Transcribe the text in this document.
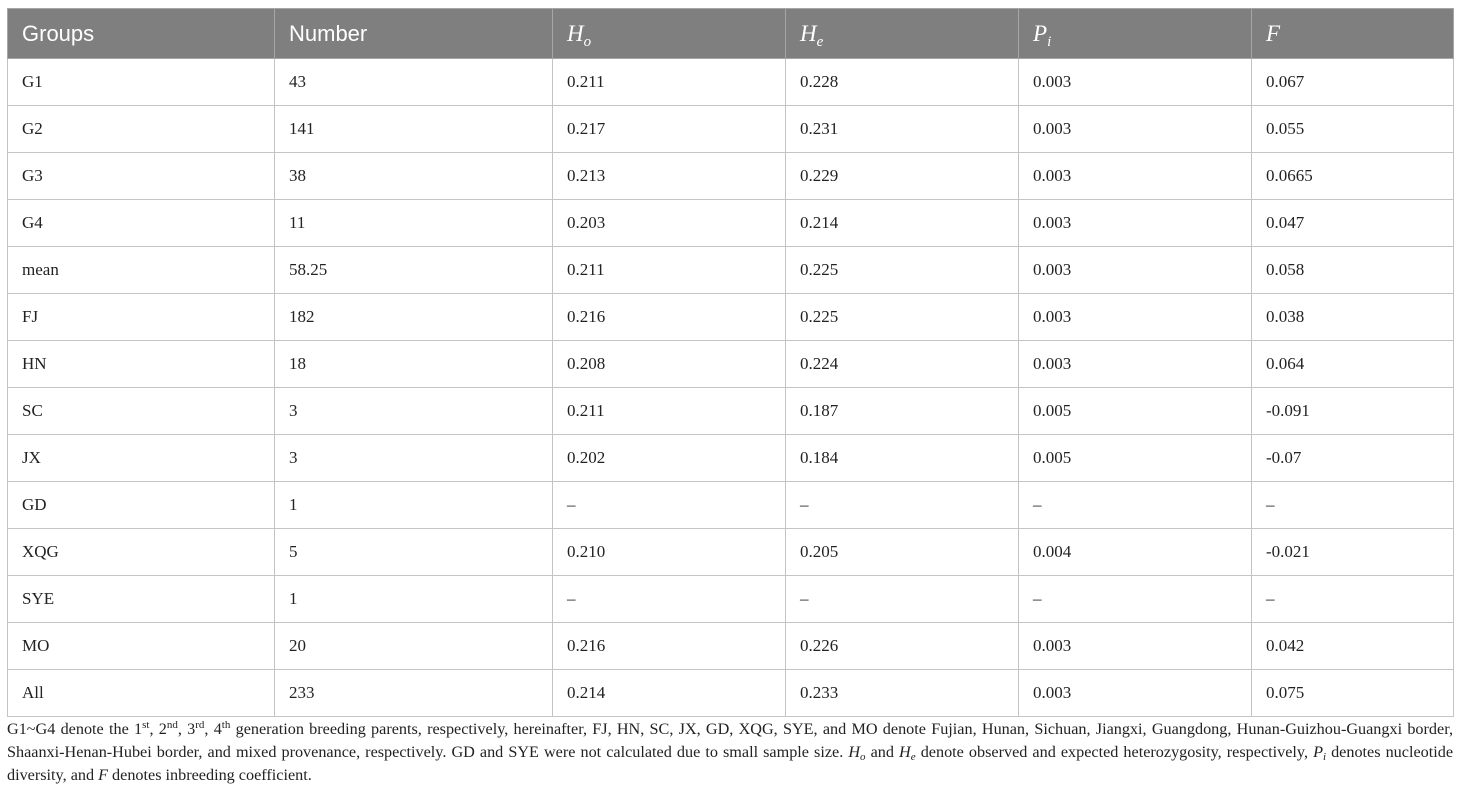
Groups	Number	$H_o$	$H_e$	$P_i$	F
G1	43	0.211	0.228	0.003	0.067
G2	141	0.217	0.231	0.003	0.055
G3	38	0.213	0.229	0.003	0.0665
G4	11	0.203	0.214	0.003	0.047
mean	58.25	0.211	0.225	0.003	0.058
FJ	182	0.216	0.225	0.003	0.038
HN	18	0.208	0.224	0.003	0.064
SC	3	0.211	0.187	0.005	-0.091
JX	3	0.202	0.184	0.005	-0.07
GD	1	–	–	–	–
XQG	5	0.210	0.205	0.004	-0.021
SYE	1	–	–	–	–
MO	20	0.216	0.226	0.003	0.042
All	233	0.214	0.233	0.003	0.075
G1~G4 denote the 1st, 2nd, 3rd, 4th generation breeding parents, respectively, hereinafter, FJ, HN, SC, JX, GD, XQG, SYE, and MO denote Fujian, Hunan, Sichuan, Jiangxi, Guangdong, Hunan-Guizhou-Guangxi border, Shaanxi-Henan-Hubei border, and mixed provenance, respectively. GD and SYE were not calculated due to small sample size. $H_o$ and $H_e$ denote observed and expected heterozygosity, respectively, $P_i$ denotes nucleotide diversity, and F denotes inbreeding coefficient.
